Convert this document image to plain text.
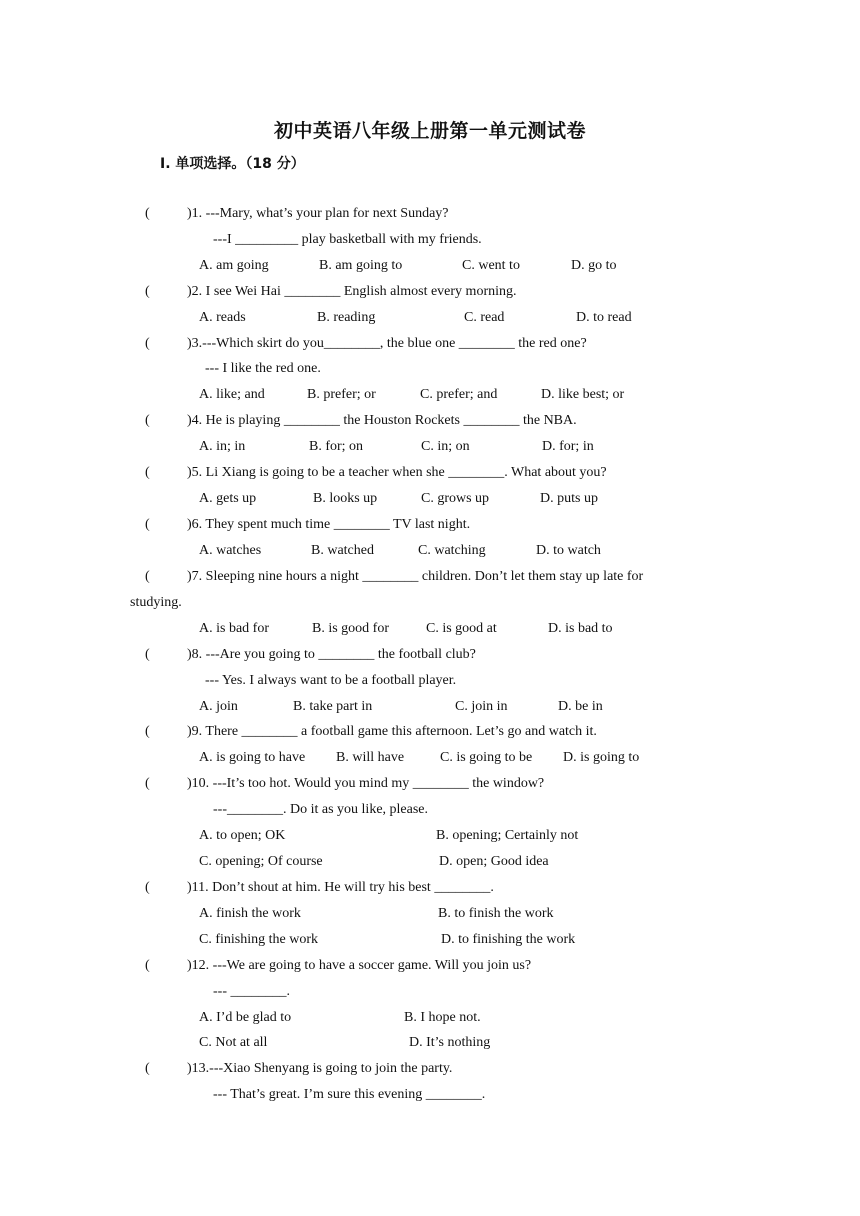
初中英语八年级上册第一单元测试卷
I. 单项选择。（18 分）
(	)1. ---Mary, what’s your plan for next Sunday?
---I _________ play basketball with my friends.
A. am going	B. am going to	C. went to	D. go to
(	)2. I see Wei Hai ________ English almost every morning.
A. reads	B. reading	C. read	D. to read
(	)3.---Which skirt do you________, the blue one ________ the red one?
--- I like the red one.
A. like; and	B. prefer; or	C. prefer; and	D. like best; or
(	)4. He is playing ________ the Houston Rockets ________ the NBA.
A. in; in	B. for; on	C. in; on	D. for; in
(	)5. Li Xiang is going to be a teacher when she ________. What about you?
A. gets up	B. looks up	C. grows up	D. puts up
(	)6. They spent much time ________ TV last night.
A. watches	B. watched	C. watching	D. to watch
(	)7. Sleeping nine hours a night ________ children. Don’t let them stay up late for
studying.
A. is bad for	B. is good for	C. is good at	D. is bad to
(	)8. ---Are you going to ________ the football club?
--- Yes. I always want to be a football player.
A. join	B. take part in	C. join in	D. be in
(	)9. There ________ a football game this afternoon. Let’s go and watch it.
A. is going to have B. will have	C. is going to be D. is going to
(	)10. ---It’s too hot. Would you mind my ________ the window?
---________. Do it as you like, please.
A. to open; OK	B. opening; Certainly not
C. opening; Of course	D. open; Good idea
(	)11. Don’t shout at him. He will try his best ________.
A. finish the work	B. to finish the work
C. finishing the work	D. to finishing the work
(	)12. ---We are going to have a soccer game. Will you join us?
--- ________.
A. I’d be glad to	B. I hope not.
C. Not at all	D. It’s nothing
(	)13.---Xiao Shenyang is going to join the party.
--- That’s great. I’m sure this evening ________.
